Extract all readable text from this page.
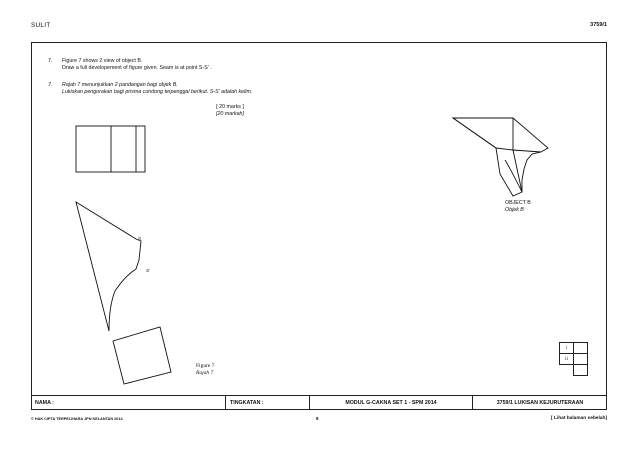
SULIT	3759/1
7. Figure 7 shows 2 view of object B.
Draw a full developement of figure given. Seam is at point S-S' .
7. Rajah 7 menunjukkan 2 pandangan bagi objek B.
Lukiskan pengorakan bagi prisma condong terpenggal berikut. S-S' adalah kelim.
[ 20 marks ]
[20 markah]
S
S'
OBJECT B
Objek B
Figure 7
Rajah 7
i	
ii	

NAMA :	TINGKATAN :	MODUL G-CAKNA SET 1 - SPM 2014	3759/1 LUKISAN KEJURUTERAAN
© HAK CIPTA TERPELIHARA JPN KELANTAN 2014	8	[ Lihat halaman sebelah]
